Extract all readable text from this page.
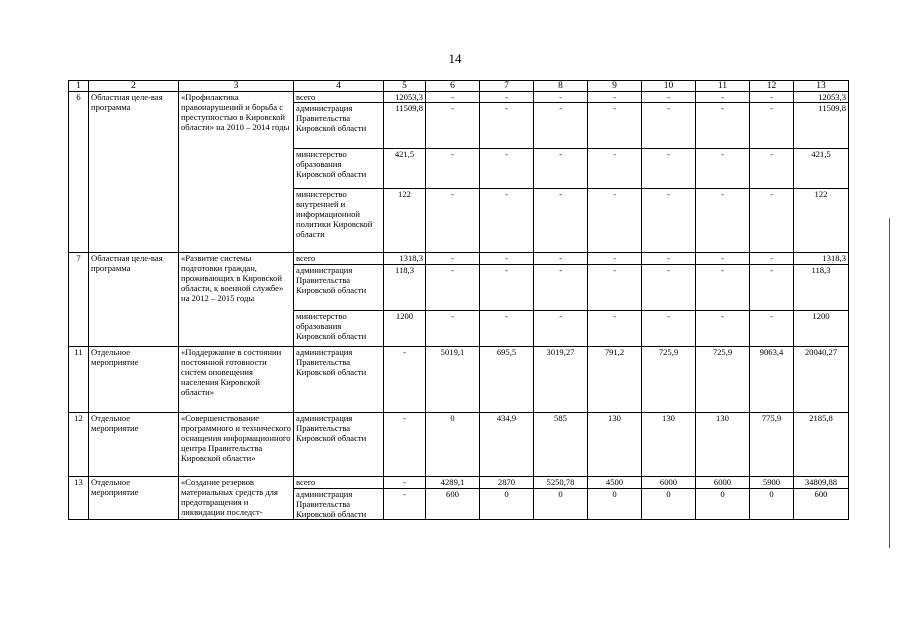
14
1	2	3	4	5	6	7	8	9	10	11	12	13
6	Областная целе-вая программа	«Профилактика правонарушений и борьба с преступностью в Кировской области» на 2010 – 2014 годы	всего	12053,3	-	-	-	-	-	-	-	12053,3
			администрация Правительства Кировской области	11509,8	-	-	-	-	-	-	-	11509,8
			министерство образования Кировской области	421,5	-	-	-	-	-	-	-	421,5
			министерство внутренней и информационной политики Кировской области	122	-	-	-	-	-	-	-	122
7	Областная целе-вая программа	«Развитие системы подготовки граждан, проживающих в Кировской области, к военной службе» на 2012 – 2015 годы	всего	1318,3	-	-	-	-	-	-	-	1318,3
			администрация Правительства Кировской области	118,3	-	-	-	-	-	-	-	118,3
			министерство образования Кировской области	1200	-	-	-	-	-	-	-	1200
11	Отдельное мероприятие	«Поддержание в состоянии постоянной готовности систем оповещения населения Кировской области»	администрация Правительства Кировской области	-	5019,1	695,5	3019,27	791,2	725,9	725,9	9063,4	20040,27
12	Отдельное мероприятие	«Совершенствование программного и технического оснащения информационного центра Правительства Кировской области»	администрация Правительства Кировской области	-	0	434,9	585	130	130	130	775,9	2185,8
13	Отдельное мероприятие	«Создание резервов материальных средств для предотвращения и ликвидации последст-	всего	-	4289,1	2870	5250,78	4500	6000	6000	5900	34809,88
			администрация Правительства Кировской области	-	600	0	0	0	0	0	0	600
